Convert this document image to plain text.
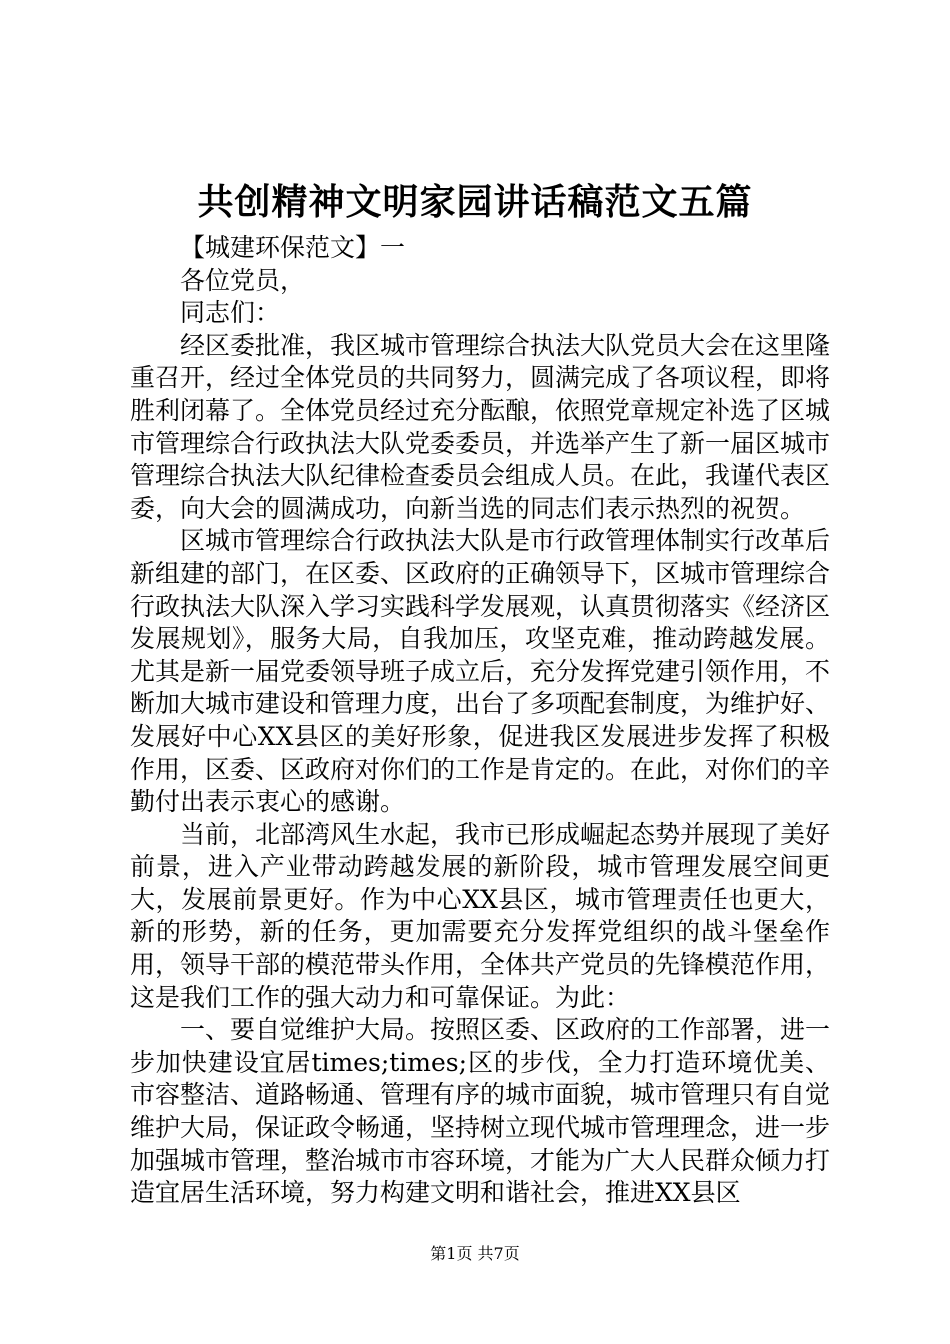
共创精神文明家园讲话稿范文五篇

【城建环保范文】一

各位党员，

同志们：

经区委批准，我区城市管理综合执法大队党员大会在这里隆重召开，经过全体党员的共同努力，圆满完成了各项议程，即将胜利闭幕了。全体党员经过充分酝酿，依照党章规定补选了区城市管理综合行政执法大队党委委员，并选举产生了新一届区城市管理综合执法大队纪律检查委员会组成人员。在此，我谨代表区委，向大会的圆满成功，向新当选的同志们表示热烈的祝贺。

区城市管理综合行政执法大队是市行政管理体制实行改革后新组建的部门，在区委、区政府的正确领导下，区城市管理综合行政执法大队深入学习实践科学发展观，认真贯彻落实《经济区发展规划》，服务大局，自我加压，攻坚克难，推动跨越发展。尤其是新一届党委领导班子成立后，充分发挥党建引领作用，不断加大城市建设和管理力度，出台了多项配套制度，为维护好、发展好中心XX县区的美好形象，促进我区发展进步发挥了积极作用，区委、区政府对你们的工作是肯定的。在此，对你们的辛勤付出表示衷心的感谢。

当前，北部湾风生水起，我市已形成崛起态势并展现了美好前景，进入产业带动跨越发展的新阶段，城市管理发展空间更大，发展前景更好。作为中心XX县区，城市管理责任也更大，新的形势，新的任务，更加需要充分发挥党组织的战斗堡垒作用，领导干部的模范带头作用，全体共产党员的先锋模范作用，这是我们工作的强大动力和可靠保证。为此：

一、要自觉维护大局。按照区委、区政府的工作部署，进一步加快建设宜居times;times;区的步伐，全力打造环境优美、市容整洁、道路畅通、管理有序的城市面貌，城市管理只有自觉维护大局，保证政令畅通，坚持树立现代城市管理理念，进一步加强城市管理，整治城市市容环境，才能为广大人民群众倾力打造宜居生活环境，努力构建文明和谐社会，推进XX县区

第1页 共7页
